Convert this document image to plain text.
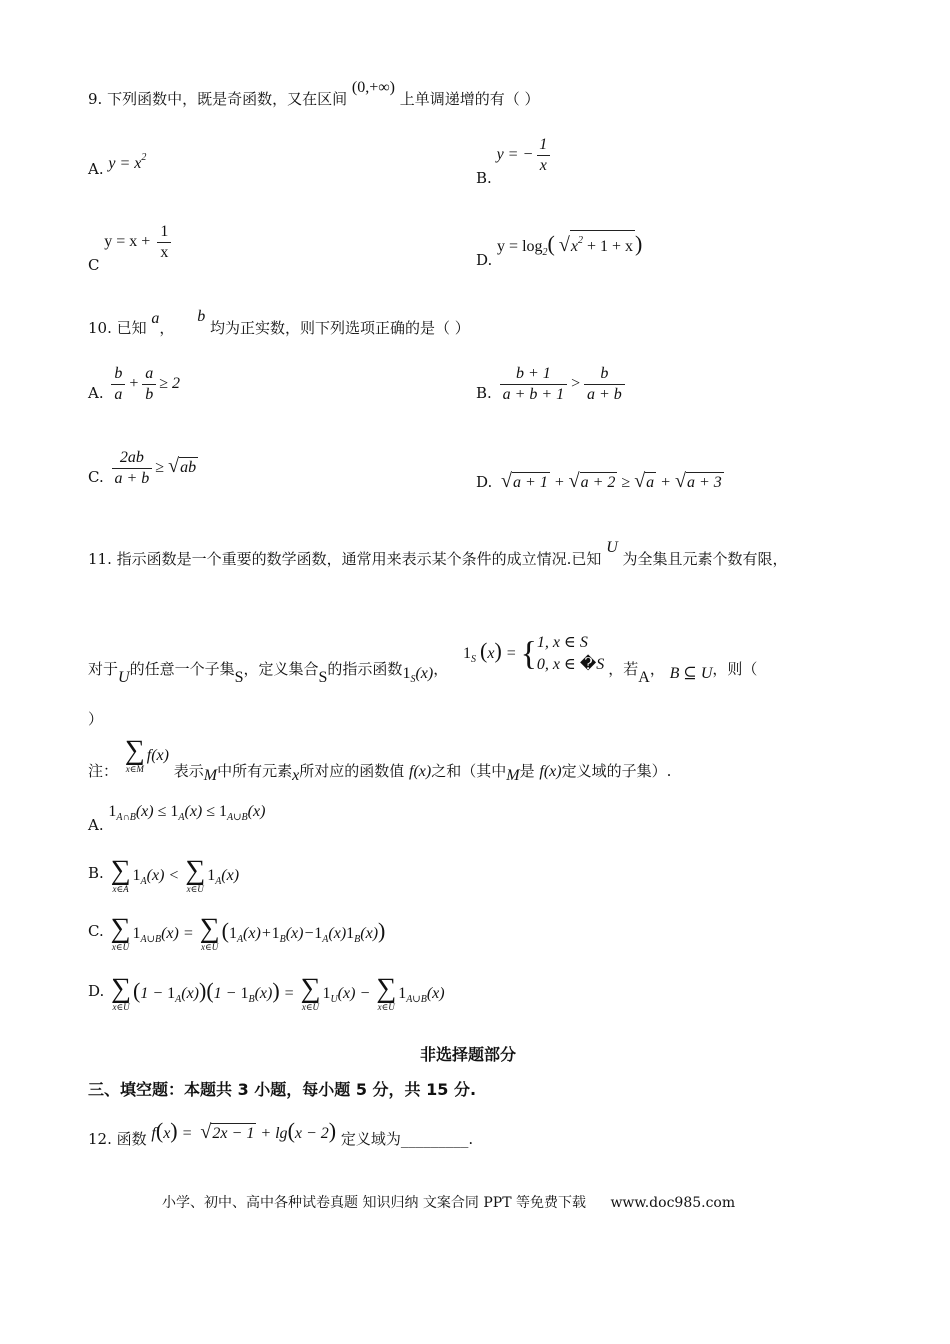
9. 下列函数中，既是奇函数，又在区间 (0,+∞) 上单调递增的有（ ）
A. $y = x^2$
B. y = − $\frac{1}{x}$
C $y = x + \frac{1}{x}$	D. $y = \log_2$( $√x^2 + 1 + x$)
10. 已知 a， b 均为正实数，则下列选项正确的是（ ）
A. $\frac{b}{a} + \frac{a}{b} \ge 2$
B. $\frac{b + 1}{a + b + 1} > \frac{b}{a + b}$
C. $\frac{2ab}{a + b} \ge √ab$
D. √a + 1 + √a + 2 ≥ √a + √a + 3
11. 指示函数是一个重要的数学函数，通常用来表示某个条件的成立情况.已知 U 为全集且元素个数有限，
对于U的任意一个子集S，定义集合S的指示函数$1_S(x)$， $1_S$ (x) = { 1, x ∈ S
0, x ∈ �S ，若A， B ⊆ U，则（
）
注：
∑
x∈M
f(x) 表示M中所有元素x所对应的函数值 f(x)之和（其中M是 f(x)定义域的子集）.
A. $1_{A\cap B}(x) \le 1_A(x) \le 1_{A\cup B}(x)$
B. ∑
x∈A
$1_A(x)$ < ∑
x∈U
$1_A(x)$
C. ∑
x∈U
$1_{A\cup B}(x)$ = ∑
x∈U
$(1_A(x)+1_B(x)-1_A(x)1_B(x))$
D. ∑
x∈U
$(1 - 1_A(x))(1 - 1_B(x))$ = ∑
x∈U
$1_U(x)$ − ∑
x∈U
$1_{A\cup B}(x)$
非选择题部分
三、填空题：本题共 3 小题，每小题 5 分，共 15 分.
12. 函数 f(x) = √2x − 1 + lg(x − 2) 定义域为_________.
小学、初中、高中各种试卷真题 知识归纳 文案合同 PPT 等免费下载 www.doc985.com
